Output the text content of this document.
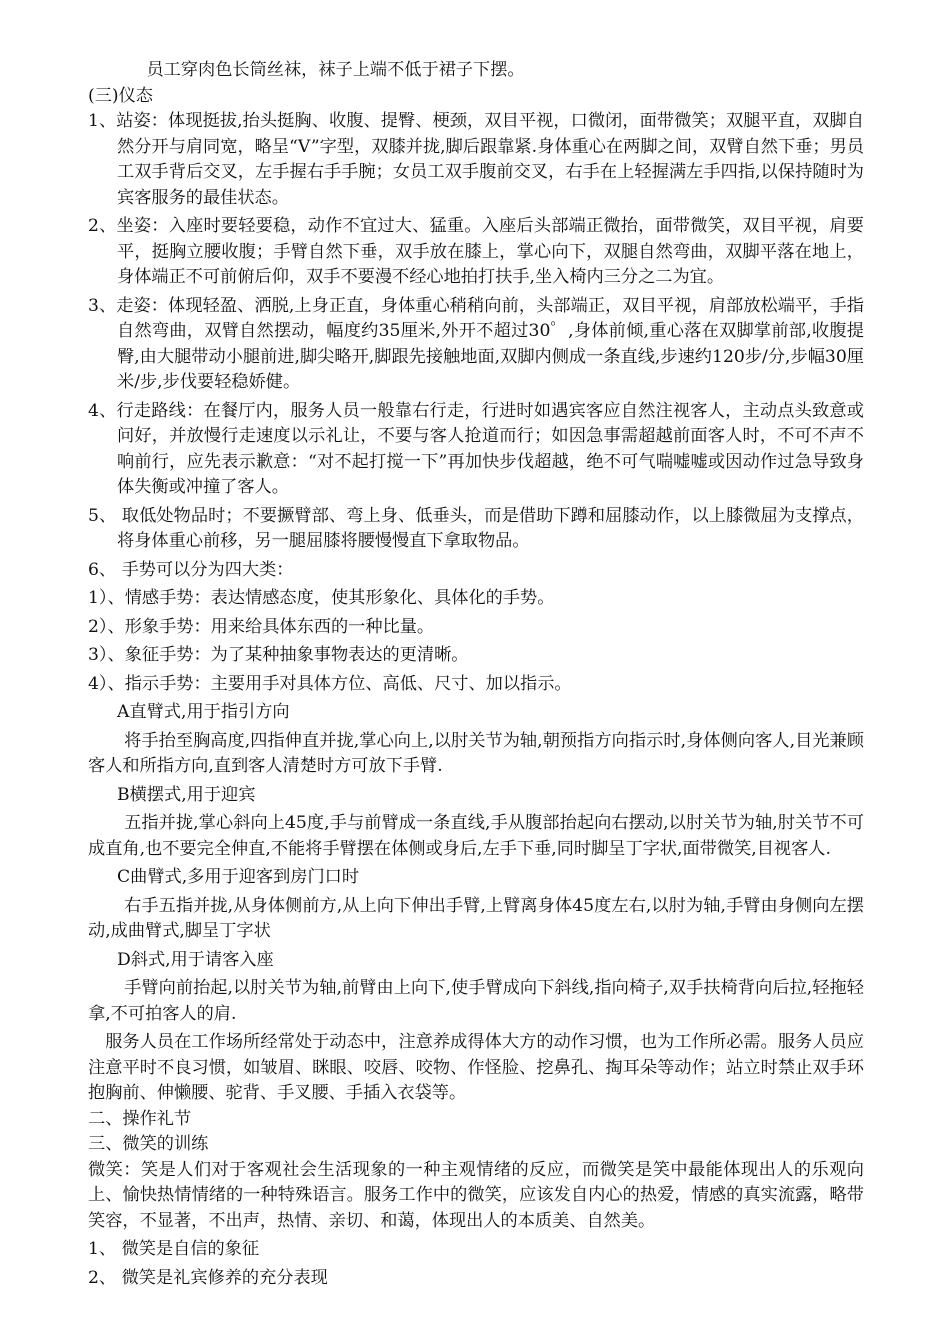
员工穿肉色长筒丝袜，袜子上端不低于裙子下摆。

(三)仪态

1、站姿：体现挺拔,抬头挺胸、收腹、提臀、梗颈，双目平视，口微闭，面带微笑；双腿平直，双脚自然分开与肩同宽，略呈“V”字型，双膝并拢,脚后跟靠紧.身体重心在两脚之间，双臂自然下垂；男员工双手背后交叉，左手握右手手腕；女员工双手腹前交叉，右手在上轻握满左手四指,以保持随时为宾客服务的最佳状态。

2、坐姿：入座时要轻要稳，动作不宜过大、猛重。入座后头部端正微抬，面带微笑，双目平视，肩要平，挺胸立腰收腹；手臂自然下垂，双手放在膝上，掌心向下，双腿自然弯曲，双脚平落在地上，身体端正不可前俯后仰，双手不要漫不经心地拍打扶手,坐入椅内三分之二为宜。

3、走姿：体现轻盈、洒脱,上身正直，身体重心稍稍向前，头部端正，双目平视，肩部放松端平，手指自然弯曲，双臂自然摆动，幅度约35厘米,外开不超过30゜,身体前倾,重心落在双脚掌前部,收腹提臀,由大腿带动小腿前进,脚尖略开,脚跟先接触地面,双脚内侧成一条直线,步速约120步/分,步幅30厘米/步,步伐要轻稳娇健。

4、行走路线：在餐厅内，服务人员一般靠右行走，行进时如遇宾客应自然注视客人，主动点头致意或问好，并放慢行走速度以示礼让，不要与客人抢道而行；如因急事需超越前面客人时，不可不声不响前行，应先表示歉意：“对不起打搅一下”再加快步伐超越，绝不可气喘嘘嘘或因动作过急导致身体失衡或冲撞了客人。

5、 取低处物品时；不要撅臂部、弯上身、低垂头，而是借助下蹲和屈膝动作，以上膝微屈为支撑点，将身体重心前移，另一腿屈膝将腰慢慢直下拿取物品。

6、 手势可以分为四大类：

1）、情感手势：表达情感态度，使其形象化、具体化的手势。

2）、形象手势：用来给具体东西的一种比量。

3）、象征手势：为了某种抽象事物表达的更清晰。

4）、指示手势：主要用手对具体方位、高低、尺寸、加以指示。

A直臂式,用于指引方向

将手抬至胸高度,四指伸直并拢,掌心向上,以肘关节为轴,朝预指方向指示时,身体侧向客人,目光兼顾客人和所指方向,直到客人清楚时方可放下手臂.

B横摆式,用于迎宾

五指并拢,掌心斜向上45度,手与前臂成一条直线,手从腹部抬起向右摆动,以肘关节为轴,肘关节不可成直角,也不要完全伸直,不能将手臂摆在体侧或身后,左手下垂,同时脚呈丁字状,面带微笑,目视客人.

C曲臂式,多用于迎客到房门口时

右手五指并拢,从身体侧前方,从上向下伸出手臂,上臂离身体45度左右,以肘为轴,手臂由身侧向左摆动,成曲臂式,脚呈丁字状

D斜式,用于请客入座

手臂向前抬起,以肘关节为轴,前臂由上向下,使手臂成向下斜线,指向椅子,双手扶椅背向后拉,轻拖轻拿,不可拍客人的肩.

服务人员在工作场所经常处于动态中，注意养成得体大方的动作习惯，也为工作所必需。服务人员应注意平时不良习惯，如皱眉、眯眼、咬唇、咬物、作怪脸、挖鼻孔、掏耳朵等动作；站立时禁止双手环抱胸前、伸懒腰、驼背、手叉腰、手插入衣袋等。

二、操作礼节

三、微笑的训练

微笑：笑是人们对于客观社会生活现象的一种主观情绪的反应，而微笑是笑中最能体现出人的乐观向上、愉快热情情绪的一种特殊语言。服务工作中的微笑，应该发自内心的热爱，情感的真实流露，略带笑容，不显著，不出声，热情、亲切、和蔼，体现出人的本质美、自然美。

1、 微笑是自信的象征

2、 微笑是礼宾修养的充分表现
